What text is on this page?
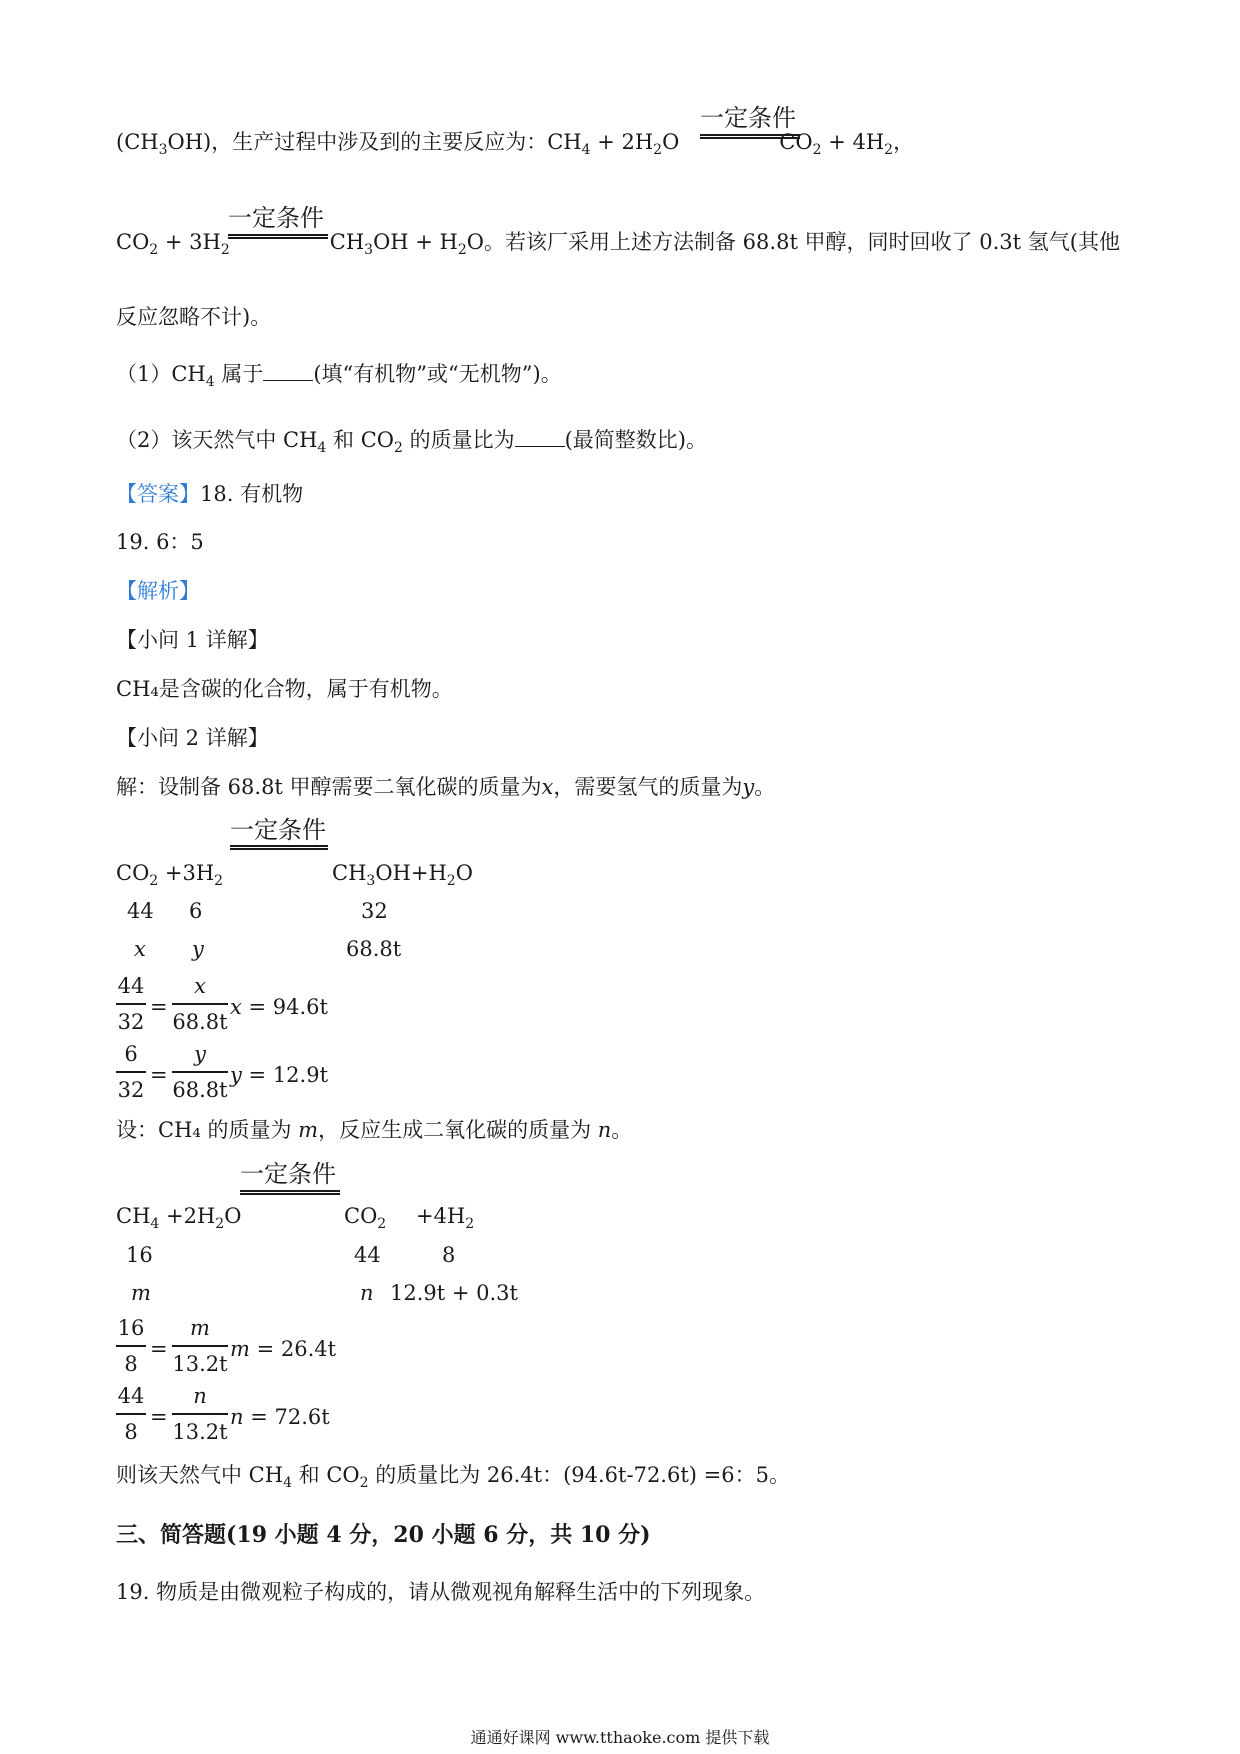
$(CH_3OH)$，生产过程中涉及到的主要反应为：$CH_4 + 2H_2O$	$CO_2 + 4H_2$，
一定条件
$CO_2 + 3H_2$	$CH_3OH + H_2O$。若该厂采用上述方法制备 68.8t 甲醇，同时回收了 0.3t 氢气(其他
一定条件
反应忽略不计)。
$(1)CH_4$ 属于 (填“有机物”或“无机物”)。
（2）该天然气中 $CH_4$ 和 $CO_2$ 的质量比为 (最简整数比)。
【答案】18. 有机物
19. 6：5
【解析】
【小问 1 详解】
CH₄是含碳的化合物，属于有机物。
【小问 2 详解】
解：设制备 68.8t 甲醇需要二氧化碳的质量为x，需要氢气的质量为y。
一定条件
$CO_2 +3H_2$	$CH_3OH+H_2O$
44 6	32
x y	68.8t
44
32
=
x
68.8t
x = 94.6t
6
32
=
y
68.8t
y = 12.9t
设：CH₄ 的质量为 m，反应生成二氧化碳的质量为 n。
一定条件
$CH_4 +2H_2O$	$CO_2 +4H_2$
16	44	8
m	n 12.9t + 0.3t
16
8
=
m
13.2t
m = 26.4t
44
8
=
n
13.2t
n = 72.6t
则该天然气中 $CH_4$ 和 $CO_2$ 的质量比为 26.4t：(94.6t-72.6t) =6：5。
三、简答题(19 小题 4 分，20 小题 6 分，共 10 分)
19. 物质是由微观粒子构成的，请从微观视角解释生活中的下列现象。
通通好课网 www.tthaoke.com 提供下载
